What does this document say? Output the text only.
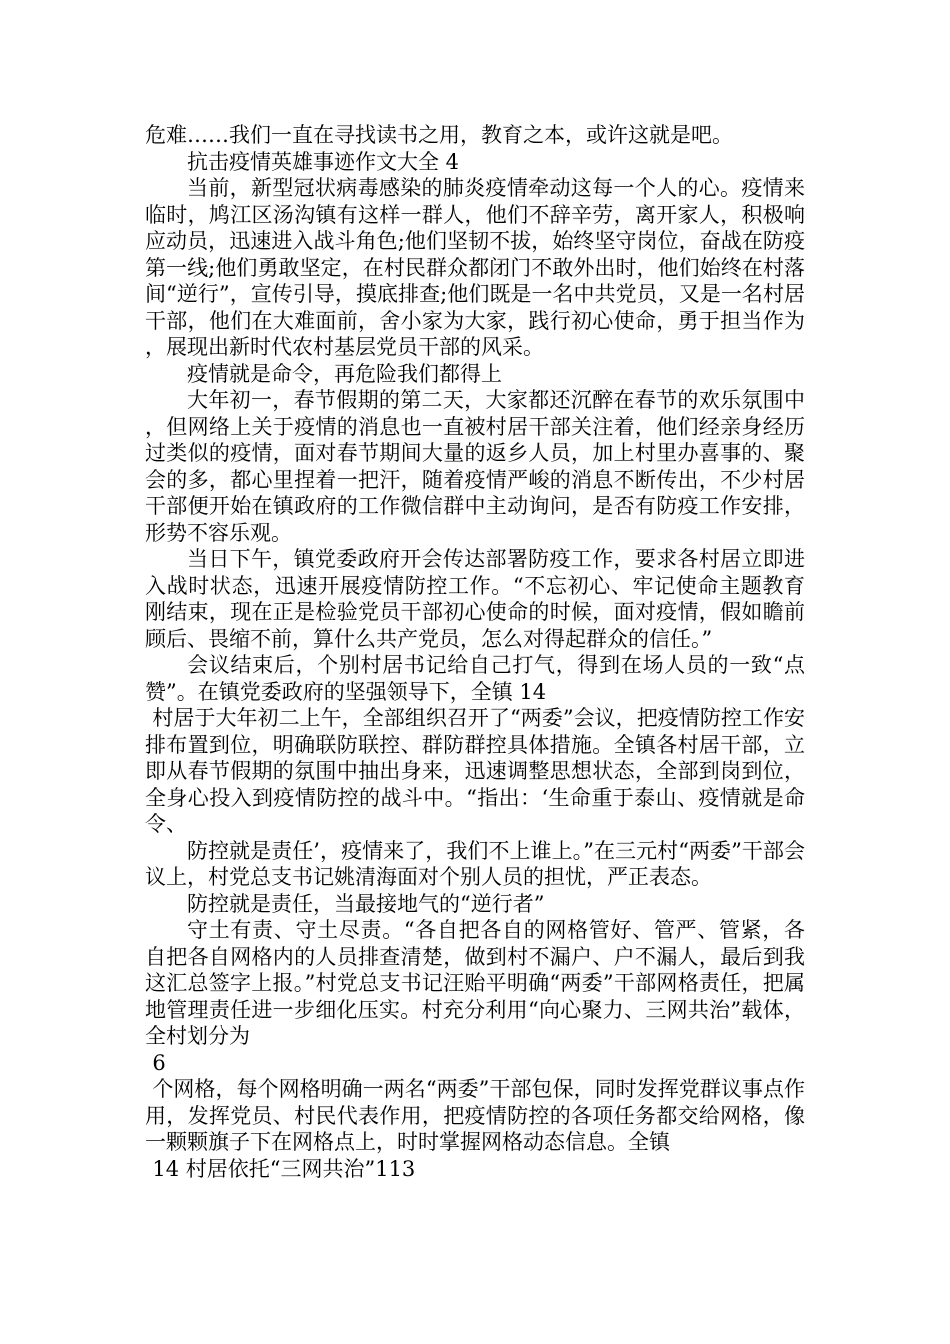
危难……我们一直在寻找读书之用，教育之本，或许这就是吧。

抗击疫情英雄事迹作文大全 4

当前，新型冠状病毒感染的肺炎疫情牵动这每一个人的心。疫情来临时，鸠江区汤沟镇有这样一群人，他们不辞辛劳，离开家人，积极响应动员，迅速进入战斗角色;他们坚韧不拔，始终坚守岗位，奋战在防疫第一线;他们勇敢坚定，在村民群众都闭门不敢外出时，他们始终在村落间“逆行”，宣传引导，摸底排查;他们既是一名中共党员，又是一名村居干部，他们在大难面前，舍小家为大家，践行初心使命，勇于担当作为，展现出新时代农村基层党员干部的风采。

疫情就是命令，再危险我们都得上

大年初一，春节假期的第二天，大家都还沉醉在春节的欢乐氛围中，但网络上关于疫情的消息也一直被村居干部关注着，他们经亲身经历过类似的疫情，面对春节期间大量的返乡人员，加上村里办喜事的、聚会的多，都心里捏着一把汗，随着疫情严峻的消息不断传出，不少村居干部便开始在镇政府的工作微信群中主动询问，是否有防疫工作安排，形势不容乐观。

当日下午，镇党委政府开会传达部署防疫工作，要求各村居立即进入战时状态，迅速开展疫情防控工作。“不忘初心、牢记使命主题教育刚结束，现在正是检验党员干部初心使命的时候，面对疫情，假如瞻前顾后、畏缩不前，算什么共产党员，怎么对得起群众的信任。”

会议结束后，个别村居书记给自己打气，得到在场人员的一致“点赞”。在镇党委政府的坚强领导下，全镇 14

村居于大年初二上午，全部组织召开了“两委”会议，把疫情防控工作安排布置到位，明确联防联控、群防群控具体措施。全镇各村居干部，立即从春节假期的氛围中抽出身来，迅速调整思想状态，全部到岗到位，全身心投入到疫情防控的战斗中。“指出：‘生命重于泰山、疫情就是命令、

防控就是责任’，疫情来了，我们不上谁上。”在三元村“两委”干部会议上，村党总支书记姚清海面对个别人员的担忧，严正表态。

防控就是责任，当最接地气的“逆行者”

守土有责、守土尽责。“各自把各自的网格管好、管严、管紧，各自把各自网格内的人员排查清楚，做到村不漏户、户不漏人，最后到我这汇总签字上报。”村党总支书记汪贻平明确“两委”干部网格责任，把属地管理责任进一步细化压实。村充分利用“向心聚力、三网共治”载体，全村划分为

6

个网格，每个网格明确一两名“两委”干部包保，同时发挥党群议事点作用，发挥党员、村民代表作用，把疫情防控的各项任务都交给网格，像一颗颗旗子下在网格点上，时时掌握网格动态信息。全镇

14 村居依托“三网共治”113
